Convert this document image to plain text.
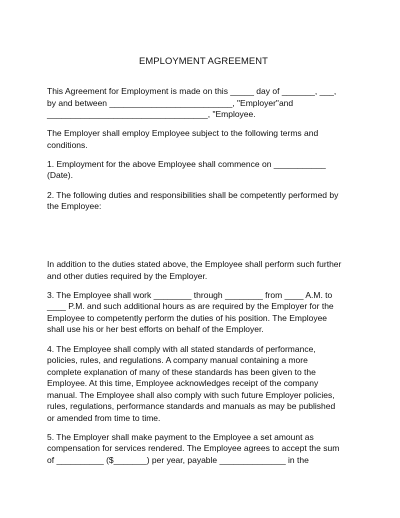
EMPLOYMENT AGREEMENT
This Agreement for Employment is made on this _____ day of _______, ___,
by and between __________________________, "Employer"and
__________________________________, "Employee.
The Employer shall employ Employee subject to the following terms and
conditions.
1. Employment for the above Employee shall commence on ___________
(Date).
2. The following duties and responsibilities shall be competently performed by
the Employee:
In addition to the duties stated above, the Employee shall perform such further
and other duties required by the Employer.
3. The Employee shall work ________ through ________ from ____ A.M. to
____ P.M. and such additional hours as are required by the Employer for the
Employee to competently perform the duties of his position. The Employee
shall use his or her best efforts on behalf of the Employer.
4. The Employee shall comply with all stated standards of performance,
policies, rules, and regulations. A company manual containing a more
complete explanation of many of these standards has been given to the
Employee. At this time, Employee acknowledges receipt of the company
manual. The Employee shall also comply with such future Employer policies,
rules, regulations, performance standards and manuals as may be published
or amended from time to time.
5. The Employer shall make payment to the Employee a set amount as
compensation for services rendered. The Employee agrees to accept the sum
of __________ ($_______) per year, payable ______________ in the
